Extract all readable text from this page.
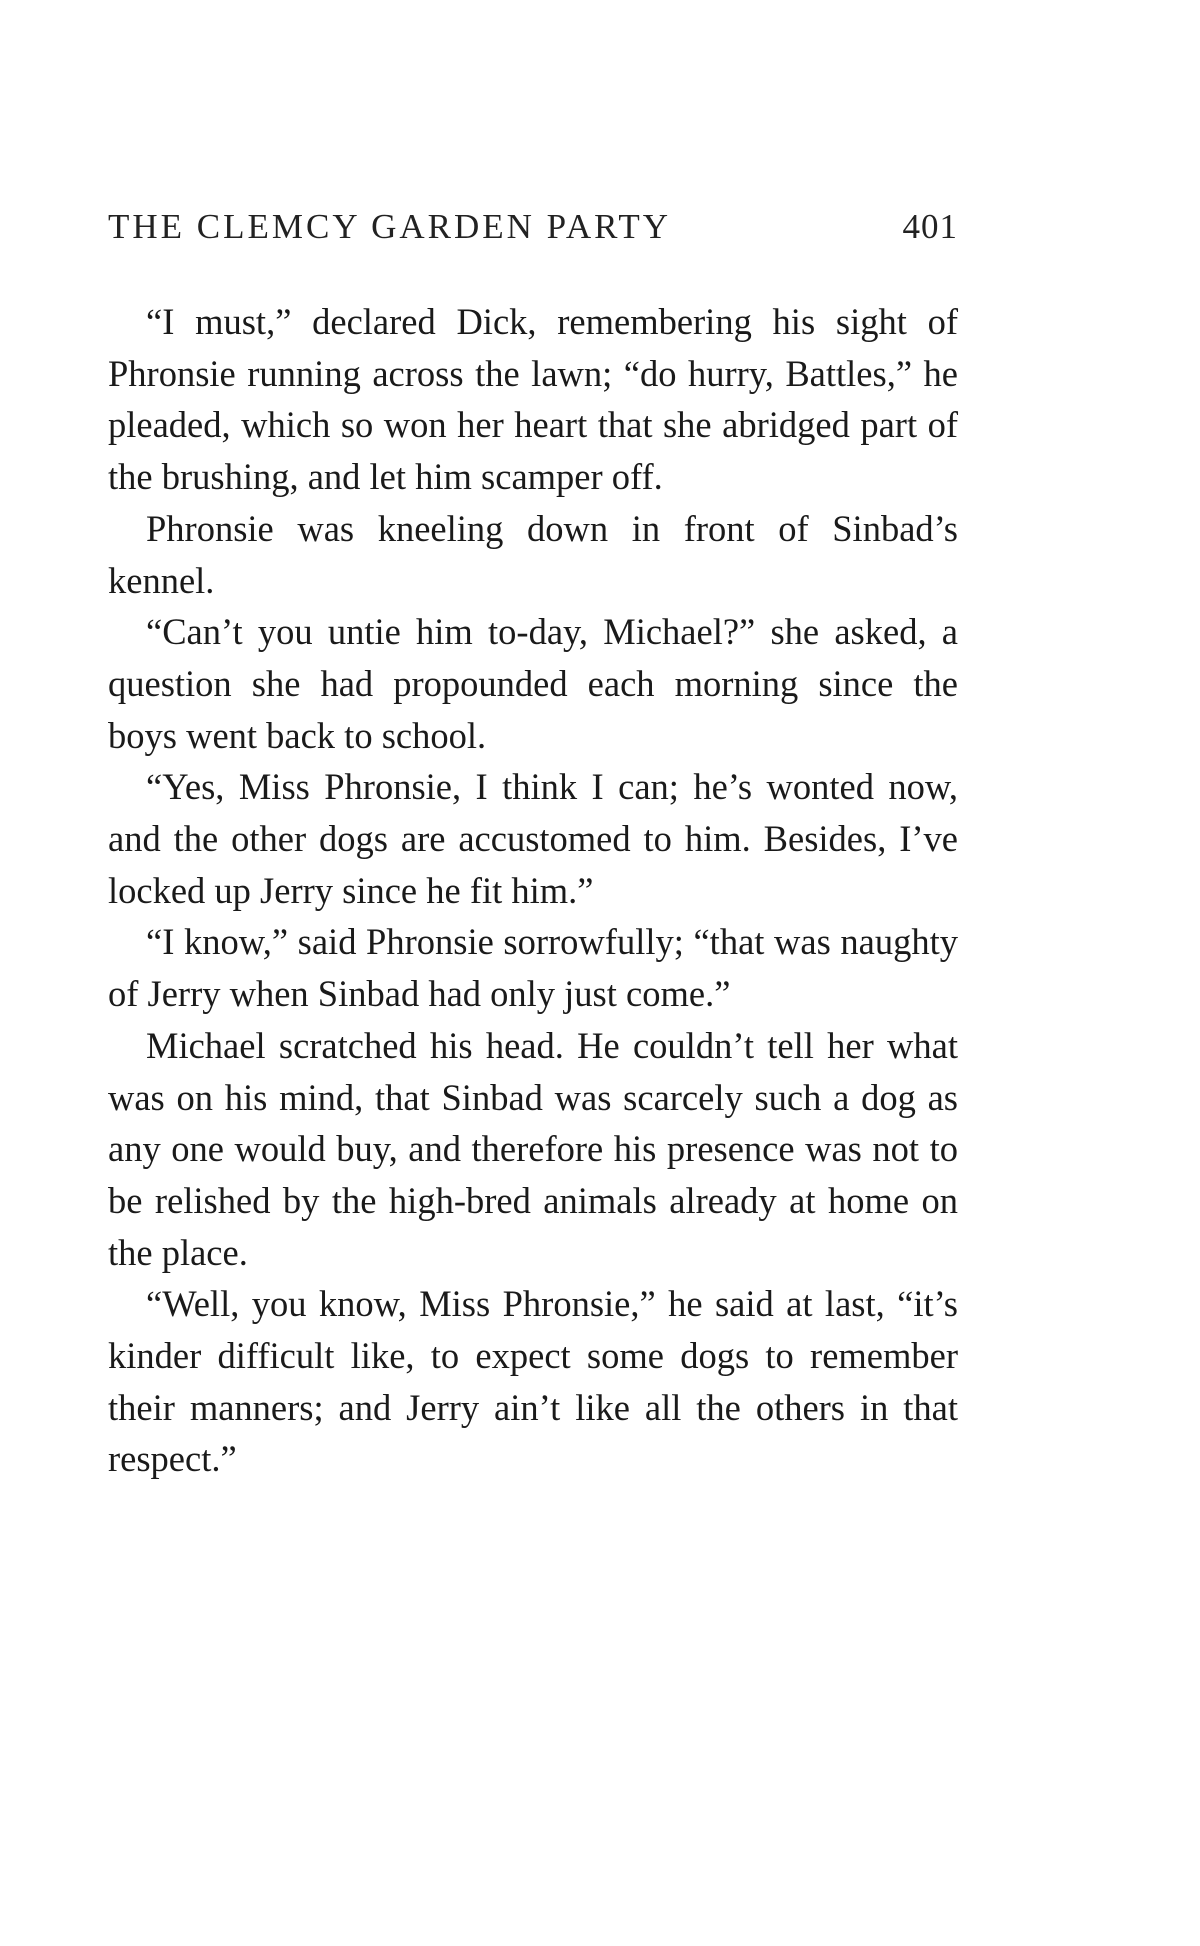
THE CLEMCY GARDEN PARTY	401

“I must,” declared Dick, remembering his sight of Phronsie running across the lawn; “do hurry, Battles,” he pleaded, which so won her heart that she abridged part of the brushing, and let him scamper off.

Phronsie was kneeling down in front of Sinbad’s kennel.

“Can’t you untie him to-day, Michael?” she asked, a question she had propounded each morning since the boys went back to school.

“Yes, Miss Phronsie, I think I can; he’s wonted now, and the other dogs are accustomed to him. Besides, I’ve locked up Jerry since he fit him.”

“I know,” said Phronsie sorrowfully; “that was naughty of Jerry when Sinbad had only just come.”

Michael scratched his head. He couldn’t tell her what was on his mind, that Sinbad was scarcely such a dog as any one would buy, and therefore his presence was not to be relished by the high-bred animals already at home on the place.

“Well, you know, Miss Phronsie,” he said at last, “it’s kinder difficult like, to expect some dogs to remember their manners; and Jerry ain’t like all the others in that respect.”
